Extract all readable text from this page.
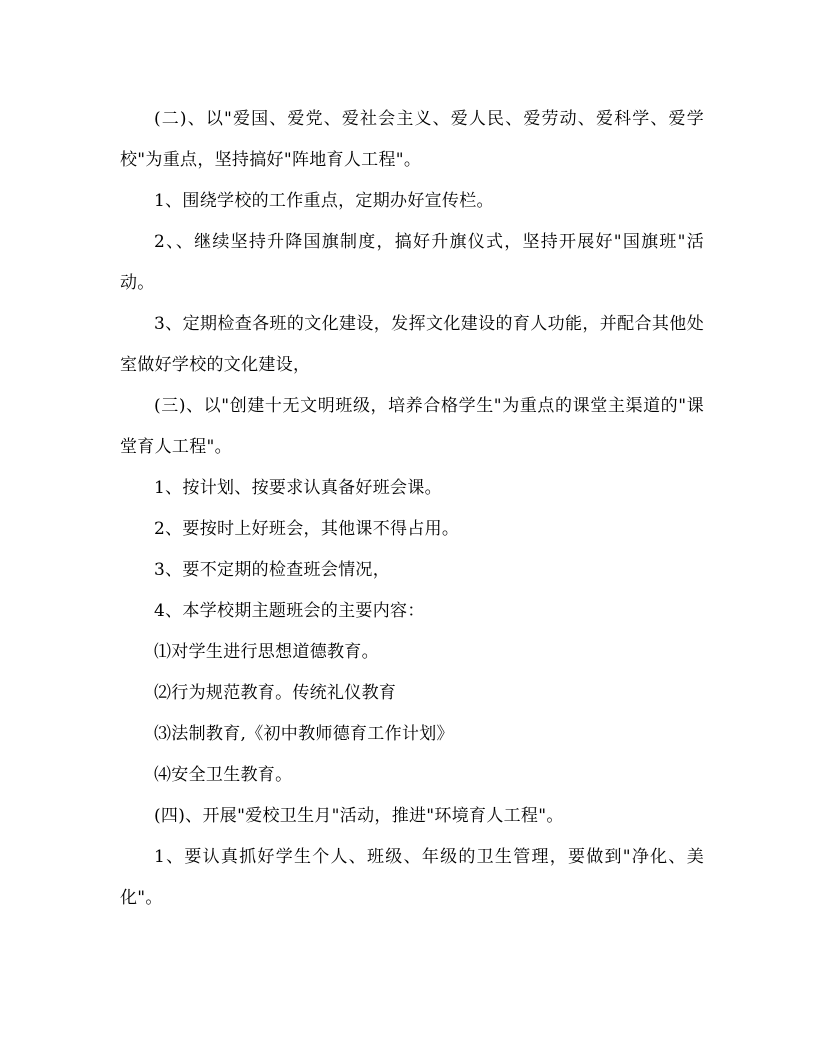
(二)、以"爱国、爱党、爱社会主义、爱人民、爱劳动、爱科学、爱学校"为重点，坚持搞好"阵地育人工程"。

1、围绕学校的工作重点，定期办好宣传栏。

2、、继续坚持升降国旗制度，搞好升旗仪式，坚持开展好"国旗班"活动。

3、定期检查各班的文化建设，发挥文化建设的育人功能，并配合其他处室做好学校的文化建设，

(三)、以"创建十无文明班级，培养合格学生"为重点的课堂主渠道的"课堂育人工程"。

1、按计划、按要求认真备好班会课。

2、要按时上好班会，其他课不得占用。

3、要不定期的检查班会情况，

4、本学校期主题班会的主要内容：

⑴对学生进行思想道德教育。

⑵行为规范教育。传统礼仪教育

⑶法制教育,《初中教师德育工作计划》

⑷安全卫生教育。

(四)、开展"爱校卫生月"活动，推进"环境育人工程"。

1、要认真抓好学生个人、班级、年级的卫生管理，要做到"净化、美化"。
